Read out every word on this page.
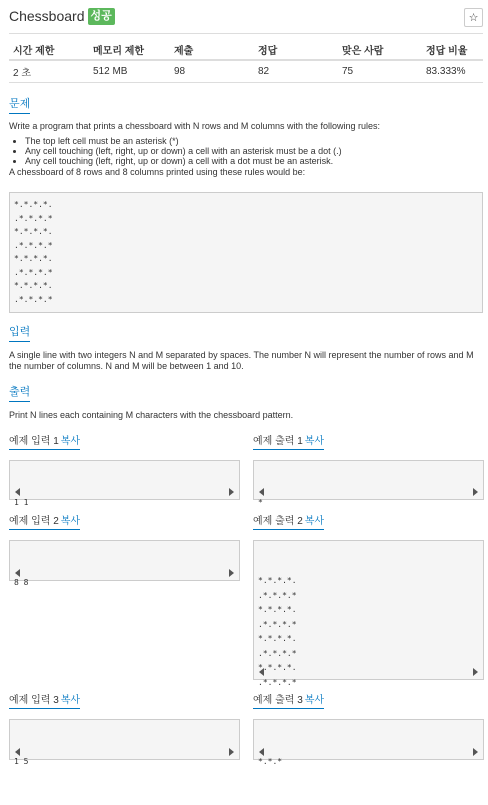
Chessboard 성공	☆
시간 제한	메모리 제한	제출	정답	맞은 사람	정답 비율
2 초	512 MB	98	82	75	83.333%
문제
Write a program that prints a chessboard with N rows and M columns with the following rules:
• The top left cell must be an asterisk (*)
• Any cell touching (left, right, up or down) a cell with an asterisk must be a dot (.)
• Any cell touching (left, right, up or down) a cell with a dot must be an asterisk.
A chessboard of 8 rows and 8 columns printed using these rules would be:
*.*.*.*.
.*.*.*.*
*.*.*.*.
.*.*.*.*
*.*.*.*.
.*.*.*.*
*.*.*.*.
.*.*.*.*
입력
A single line with two integers N and M separated by spaces. The number N will represent the number of rows and M the number of columns. N and M will be between 1 and 10.
출력
Print N lines each containing M characters with the chessboard pattern.
예제 입력 1 복사	예제 출력 1 복사

1 1

	*

예제 입력 2 복사	예제 출력 2 복사

8 8

	*.*.*.*.
.*.*.*.*
*.*.*.*.
.*.*.*.*
*.*.*.*.
.*.*.*.*
*.*.*.*.
.*.*.*.*

예제 입력 3 복사	예제 출력 3 복사

1 5

	*.*.*
